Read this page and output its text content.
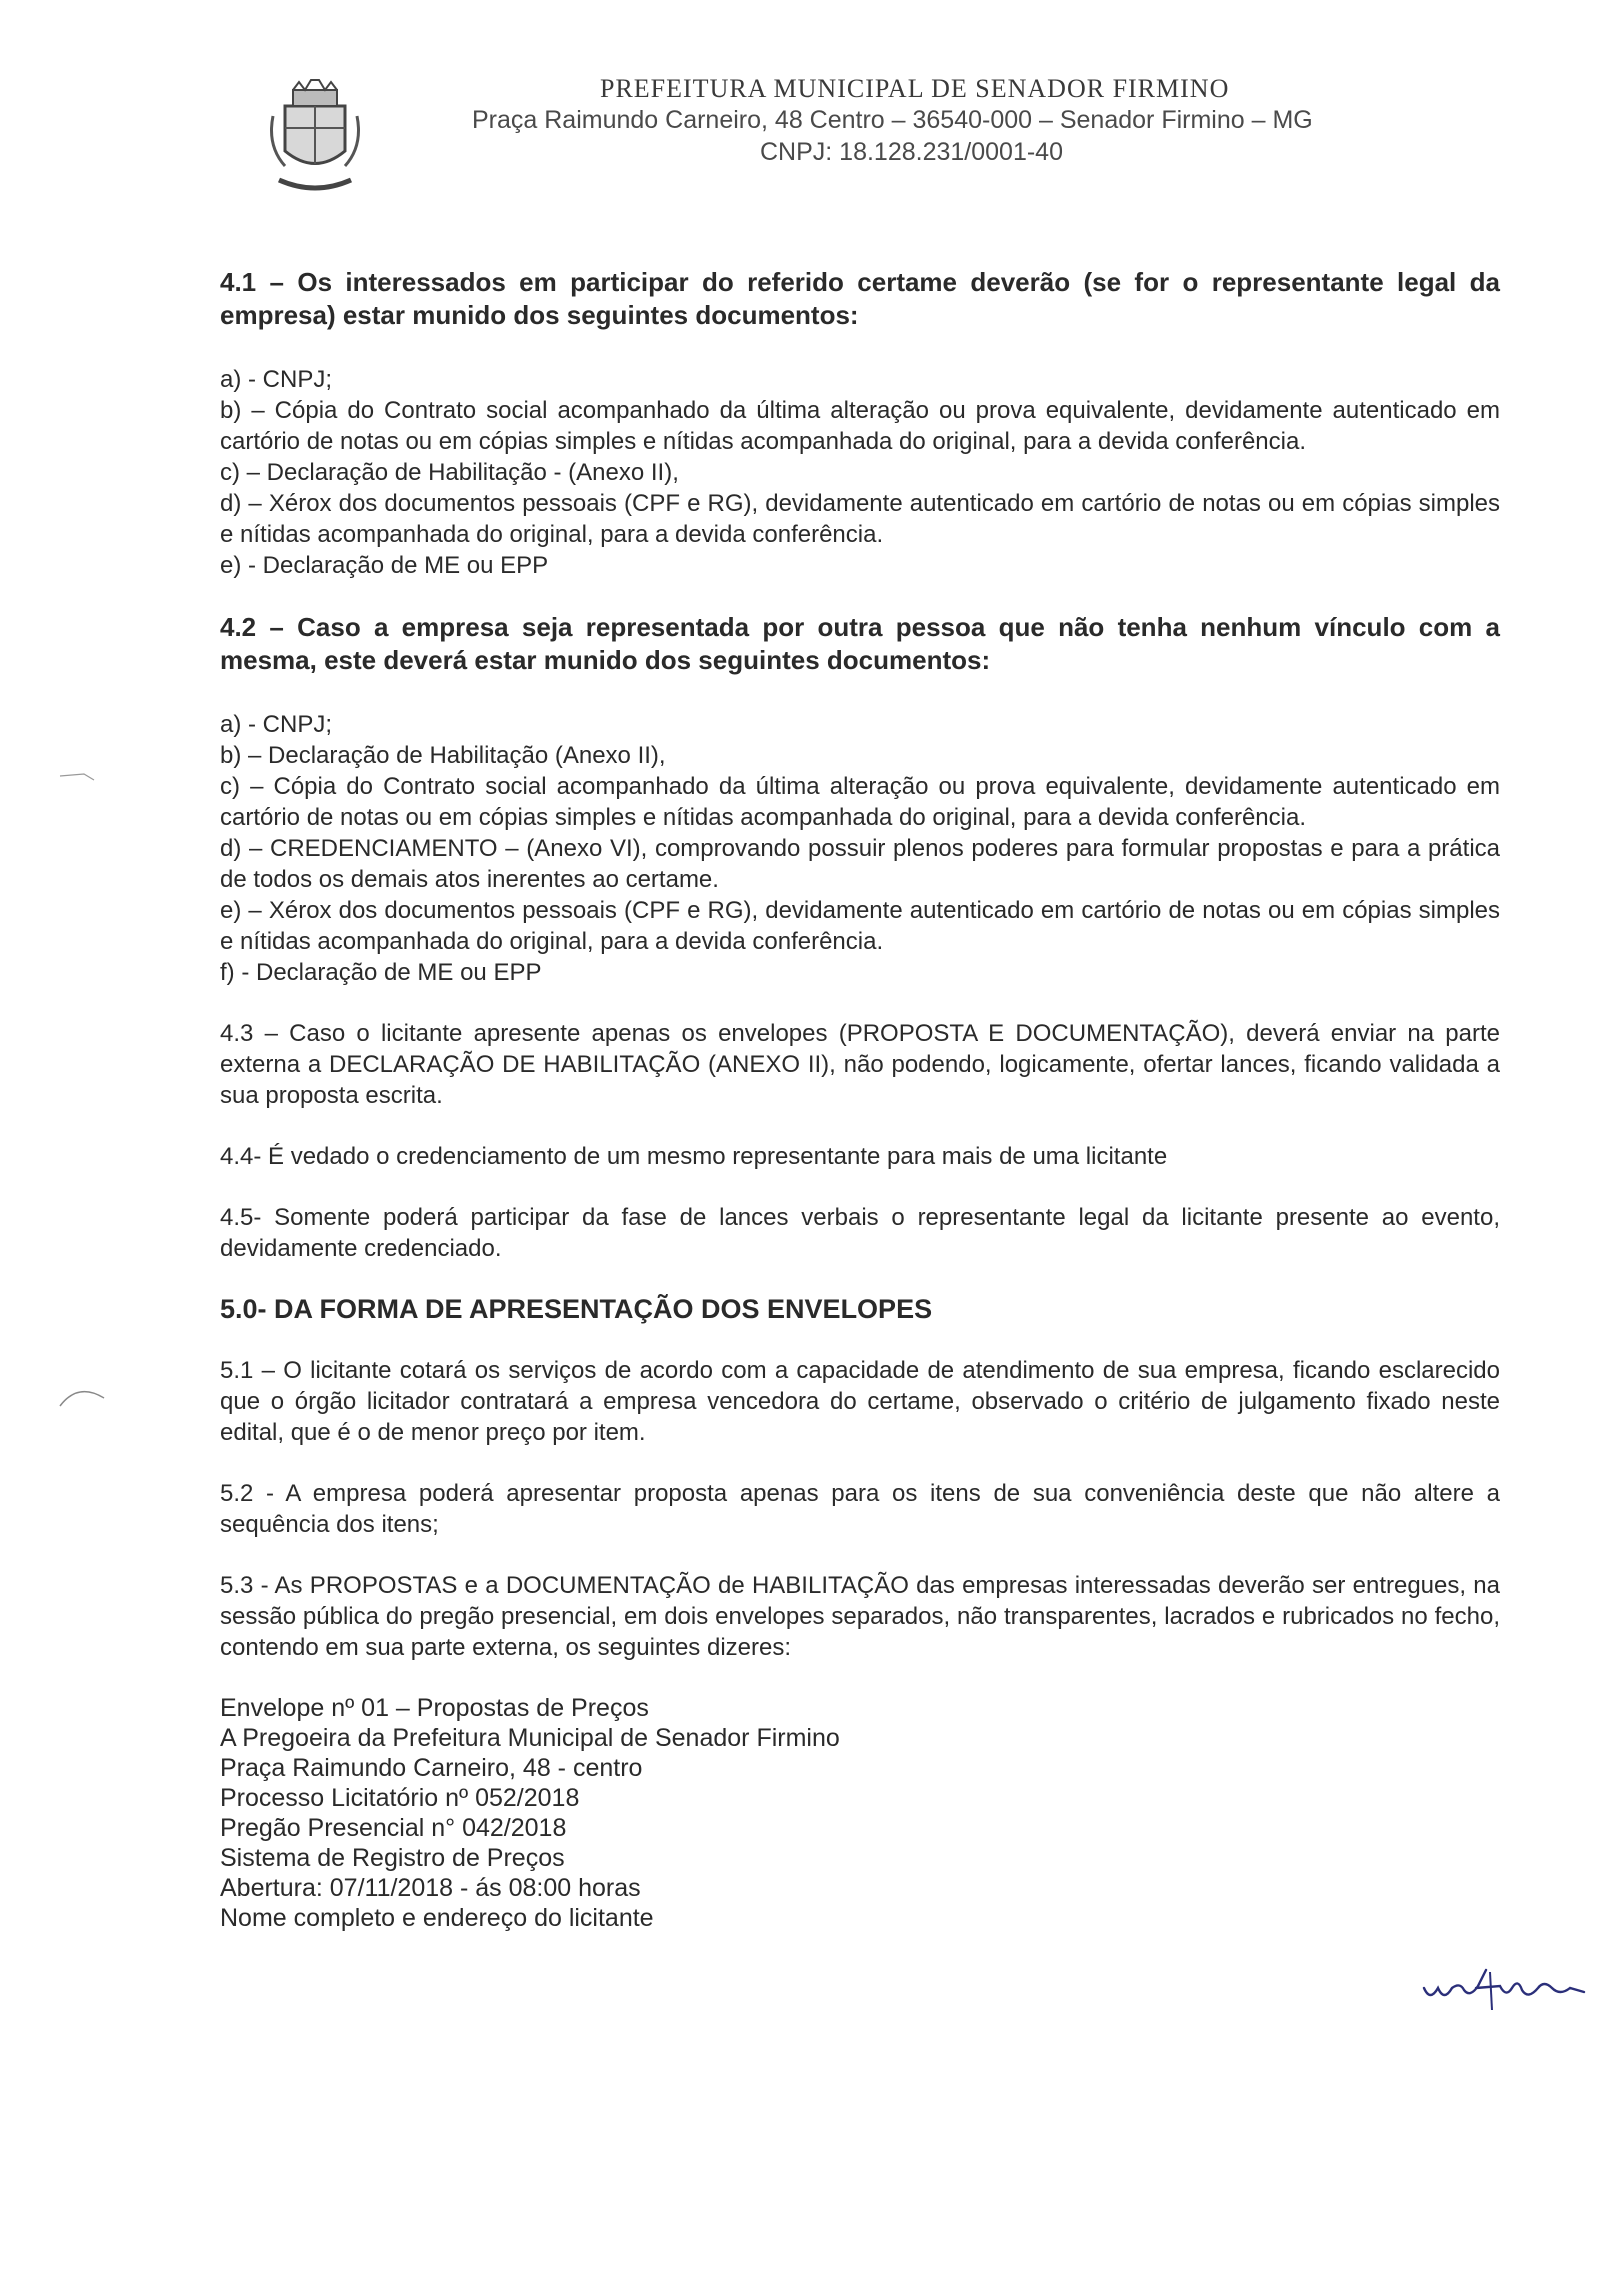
PREFEITURA MUNICIPAL DE SENADOR FIRMINO
Praça Raimundo Carneiro, 48 Centro – 36540-000 – Senador Firmino – MG
CNPJ: 18.128.231/0001-40

4.1 – Os interessados em participar do referido certame deverão (se for o representante legal da empresa) estar munido dos seguintes documentos:

a) - CNPJ;

b) – Cópia do Contrato social acompanhado da última alteração ou prova equivalente, devidamente autenticado em cartório de notas ou em cópias simples e nítidas acompanhada do original, para a devida conferência.

c) – Declaração de Habilitação - (Anexo II),

d) – Xérox dos documentos pessoais (CPF e RG), devidamente autenticado em cartório de notas ou em cópias simples e nítidas acompanhada do original, para a devida conferência.

e) - Declaração de ME ou EPP

4.2 – Caso a empresa seja representada por outra pessoa que não tenha nenhum vínculo com a mesma, este deverá estar munido dos seguintes documentos:

a) - CNPJ;

b) – Declaração de Habilitação (Anexo II),

c) – Cópia do Contrato social acompanhado da última alteração ou prova equivalente, devidamente autenticado em cartório de notas ou em cópias simples e nítidas acompanhada do original, para a devida conferência.

d) – CREDENCIAMENTO – (Anexo VI), comprovando possuir plenos poderes para formular propostas e para a prática de todos os demais atos inerentes ao certame.

e) – Xérox dos documentos pessoais (CPF e RG), devidamente autenticado em cartório de notas ou em cópias simples e nítidas acompanhada do original, para a devida conferência.

f) - Declaração de ME ou EPP

4.3 – Caso o licitante apresente apenas os envelopes (PROPOSTA E DOCUMENTAÇÃO), deverá enviar na parte externa a DECLARAÇÃO DE HABILITAÇÃO (ANEXO II), não podendo, logicamente, ofertar lances, ficando validada a sua proposta escrita.

4.4- É vedado o credenciamento de um mesmo representante para mais de uma licitante

4.5- Somente poderá participar da fase de lances verbais o representante legal da licitante presente ao evento, devidamente credenciado.

5.0- DA FORMA DE APRESENTAÇÃO DOS ENVELOPES

5.1 – O licitante cotará os serviços de acordo com a capacidade de atendimento de sua empresa, ficando esclarecido que o órgão licitador contratará a empresa vencedora do certame, observado o critério de julgamento fixado neste edital, que é o de menor preço por item.

5.2 - A empresa poderá apresentar proposta apenas para os itens de sua conveniência deste que não altere a sequência dos itens;

5.3 - As PROPOSTAS e a DOCUMENTAÇÃO de HABILITAÇÃO das empresas interessadas deverão ser entregues, na sessão pública do pregão presencial, em dois envelopes separados, não transparentes, lacrados e rubricados no fecho, contendo em sua parte externa, os seguintes dizeres:

Envelope nº 01 – Propostas de Preços

A Pregoeira da Prefeitura Municipal de Senador Firmino

Praça Raimundo Carneiro, 48 - centro

Processo Licitatório nº 052/2018

Pregão Presencial n° 042/2018

Sistema de Registro de Preços

Abertura: 07/11/2018 - ás 08:00 horas

Nome completo e endereço do licitante
